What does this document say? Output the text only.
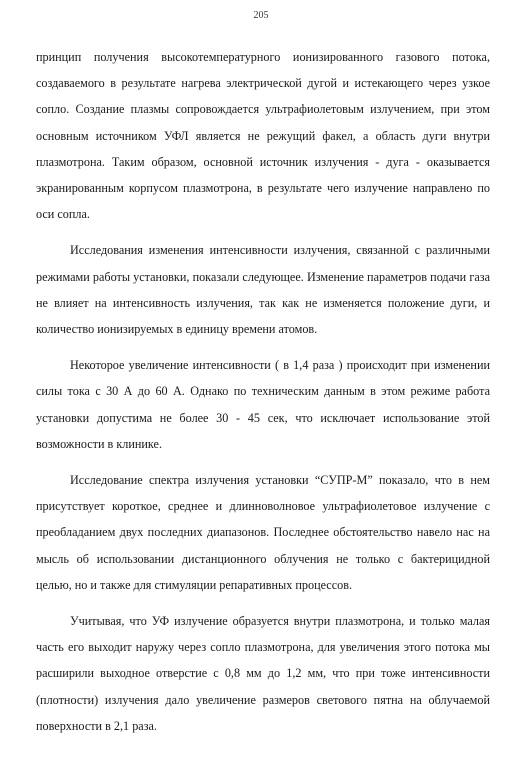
205

принцип получения высокотемпературного ионизированного газового потока, создаваемого в результате нагрева электрической дугой и истекающего через узкое сопло. Создание плазмы сопровождается ультрафиолетовым излучением, при этом основным источником УФЛ является не режущий факел, а область дуги внутри плазмотрона. Таким образом, основной источник излучения - дуга - оказывается экранированным корпусом плазмотрона, в результате чего излучение направлено по оси сопла.

Исследования изменения интенсивности излучения, связанной с различными режимами работы установки, показали следующее. Изменение параметров подачи газа не влияет на интенсивность излучения, так как не изменяется положение дуги, и количество ионизируемых в единицу времени атомов.

Некоторое увеличение интенсивности ( в 1,4 раза ) происходит при изменении силы тока с 30 А до 60 А. Однако по техническим данным в этом режиме работа установки допустима не более 30 - 45 сек, что исключает использование этой возможности в клинике.

Исследование спектра излучения установки “СУПР-М” показало, что в нем присутствует короткое, среднее и длинноволновое ультрафиолетовое излучение с преобладанием двух последних диапазонов. Последнее обстоятельство навело нас на мысль об использовании дистанционного облучения не только с бактерицидной целью, но и также для стимуляции репаративных процессов.

Учитывая, что УФ излучение образуется внутри плазмотрона, и только малая часть его выходит наружу через сопло плазмотрона, для увеличения этого потока мы расширили выходное отверстие с 0,8 мм до 1,2 мм, что при тоже интенсивности (плотности) излучения дало увеличение размеров светового пятна на облучаемой поверхности в 2,1 раза.
